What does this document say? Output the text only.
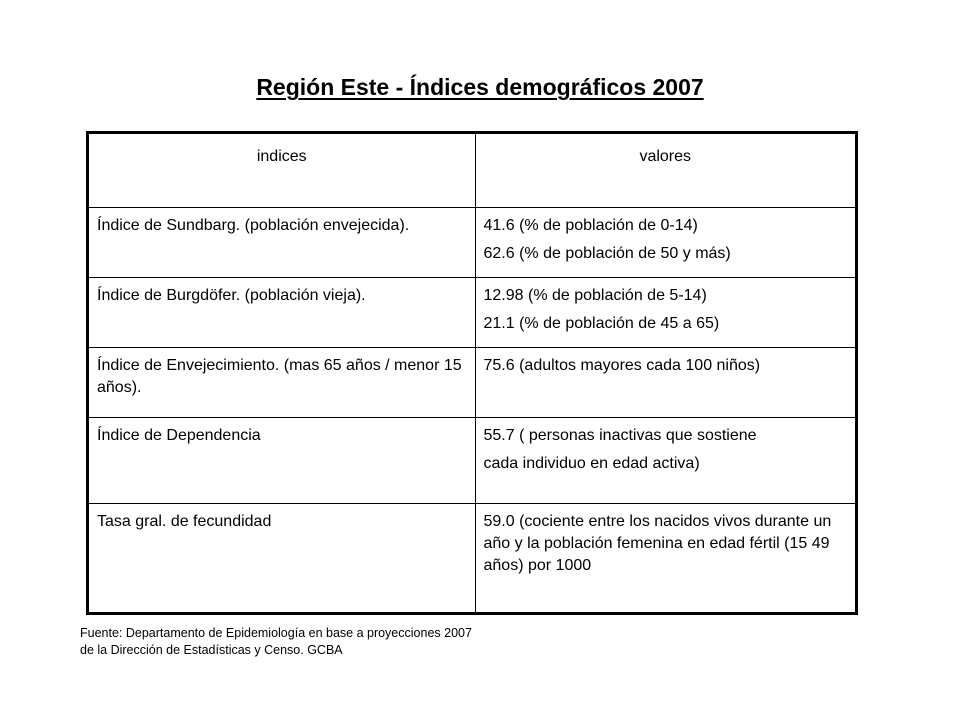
Región Este - Índices demográficos 2007
indices	valores
Índice de Sundbarg. (población envejecida).	41.6 (% de población de 0-14)
62.6 (% de población de 50 y más)

Índice de Burgdöfer. (población vieja).	12.98 (% de población de 5-14)
21.1 (% de población de 45 a 65)

Índice de Envejecimiento. (mas 65 años / menor 15 años).	75.6 (adultos mayores cada 100 niños)

Índice de Dependencia	55.7 ( personas inactivas que sostiene
cada individuo en edad activa)

Tasa gral. de fecundidad	59.0 (cociente entre los nacidos vivos durante un año y la población femenina en edad fértil (15 49 años) por 1000
Fuente: Departamento de Epidemiología en base a proyecciones 2007
de la Dirección de Estadísticas y Censo. GCBA
